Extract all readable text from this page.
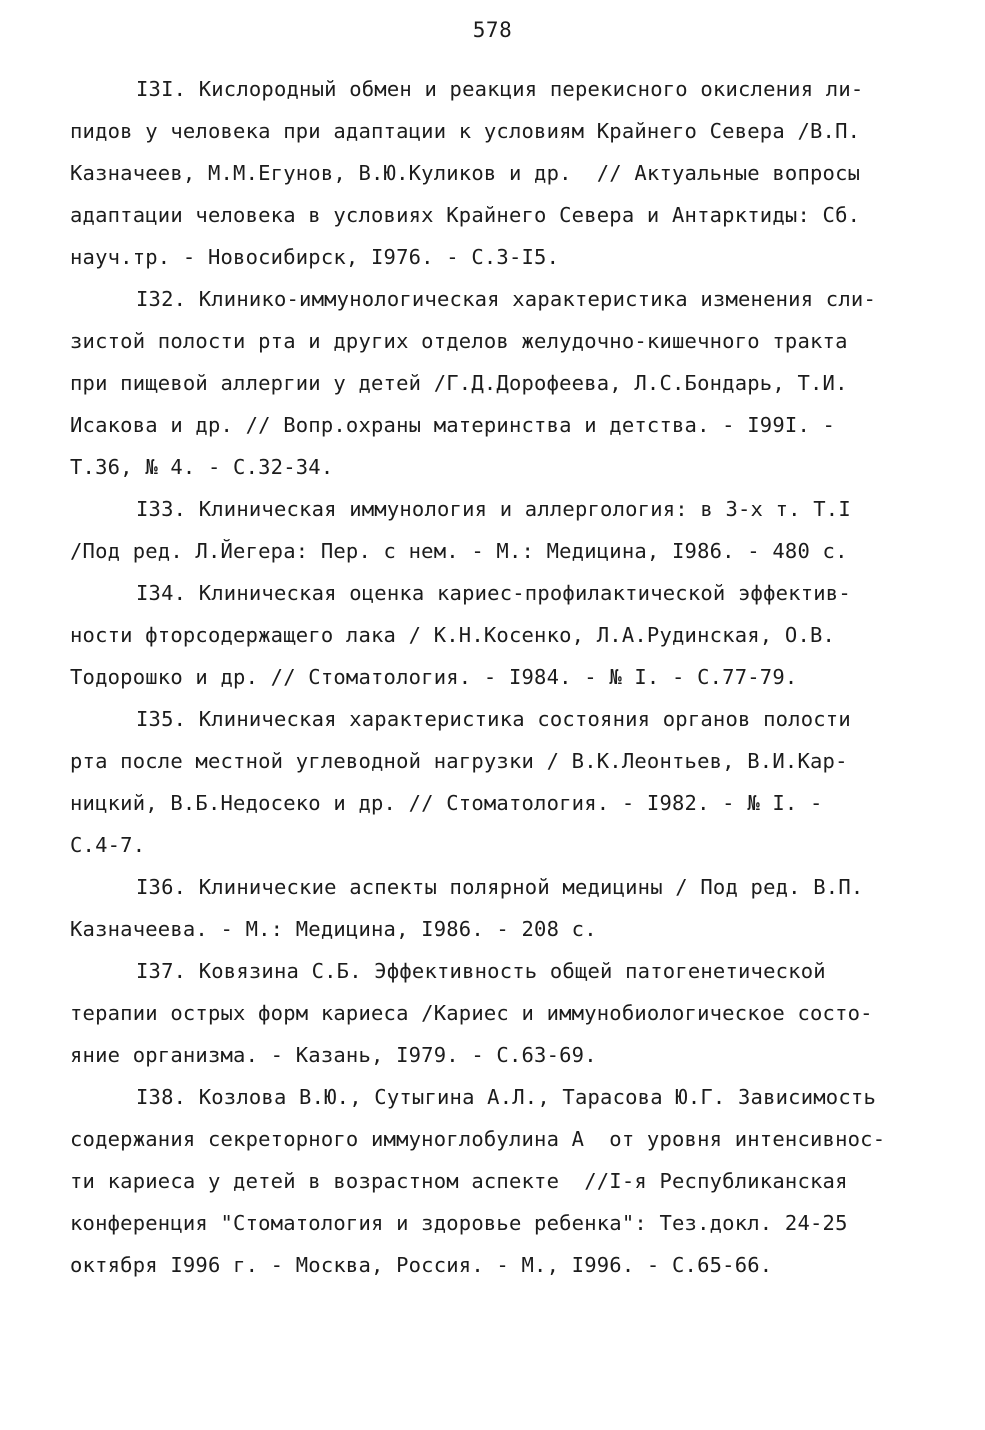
578
I3I. Кислородный обмен и реакция перекисного окисления ли-
пидов у человека при адаптации к условиям Крайнего Севера /В.П.
Казначеев, М.М.Егунов, В.Ю.Куликов и др.  // Актуальные вопросы
адаптации человека в условиях Крайнего Севера и Антарктиды: Сб.
науч.тр. - Новосибирск, I976. - С.3-I5.
I32. Клинико-иммунологическая характеристика изменения сли-
зистой полости рта и других отделов желудочно-кишечного тракта
при пищевой аллергии у детей /Г.Д.Дорофеева, Л.С.Бондарь, Т.И.
Исакова и др. // Вопр.охраны материнства и детства. - I99I. -
Т.36, № 4. - С.32-34.
I33. Клиническая иммунология и аллергология: в 3-х т. Т.I
/Под ред. Л.Йегера: Пер. с нем. - М.: Медицина, I986. - 480 с.
I34. Клиническая оценка кариес-профилактической эффектив-
ности фторсодержащего лака / К.Н.Косенко, Л.А.Рудинская, О.В.
Тодорошко и др. // Стоматология. - I984. - № I. - С.77-79.
I35. Клиническая характеристика состояния органов полости
рта после местной углеводной нагрузки / В.К.Леонтьев, В.И.Кар-
ницкий, В.Б.Недосеко и др. // Стоматология. - I982. - № I. -
С.4-7.
I36. Клинические аспекты полярной медицины / Под ред. В.П.
Казначеева. - М.: Медицина, I986. - 208 с.
I37. Ковязина С.Б. Эффективность общей патогенетической
терапии острых форм кариеса /Кариес и иммунобиологическое состо-
яние организма. - Казань, I979. - С.63-69.
I38. Козлова В.Ю., Сутыгина А.Л., Тарасова Ю.Г. Зависимость
содержания секреторного иммуноглобулина А  от уровня интенсивнос-
ти кариеса у детей в возрастном аспекте  //I-я Республиканская
конференция "Стоматология и здоровье ребенка": Тез.докл. 24-25
октября I996 г. - Москва, Россия. - М., I996. - С.65-66.
